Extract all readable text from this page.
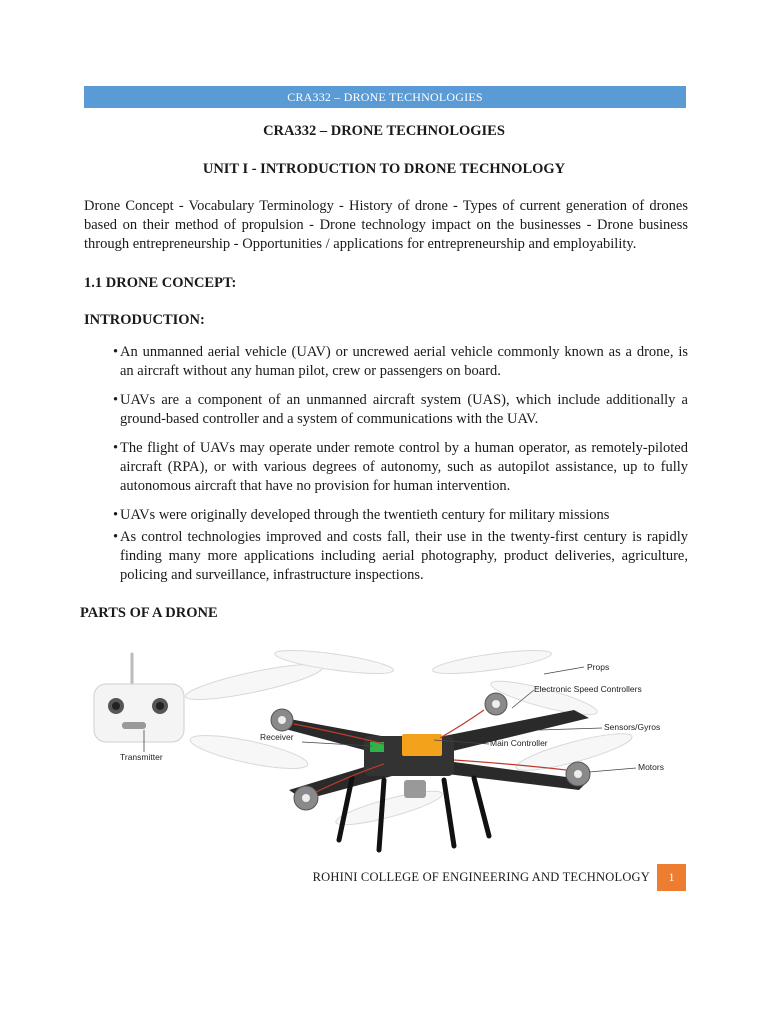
CRA332 – DRONE TECHNOLOGIES
CRA332 – DRONE TECHNOLOGIES
UNIT I - INTRODUCTION TO DRONE TECHNOLOGY
Drone Concept - Vocabulary Terminology - History of drone - Types of current generation of drones based on their method of propulsion - Drone technology impact on the businesses - Drone business through entrepreneurship - Opportunities / applications for entrepreneurship and employability.
1.1 DRONE CONCEPT:
INTRODUCTION:
An unmanned aerial vehicle (UAV) or uncrewed aerial vehicle commonly known as a drone, is an aircraft without any human pilot, crew or passengers on board.
UAVs are a component of an unmanned aircraft system (UAS), which include additionally a ground-based controller and a system of communications with the UAV.
The flight of UAVs may operate under remote control by a human operator, as remotely-piloted aircraft (RPA), or with various degrees of autonomy, such as autopilot assistance, up to fully autonomous aircraft that have no provision for human intervention.
UAVs were originally developed through the twentieth century for military missions
As control technologies improved and costs fall, their use in the twenty-first century is rapidly finding many more applications including aerial photography, product deliveries, agriculture, policing and surveillance, infrastructure inspections.
PARTS OF A DRONE
Transmitter
Props
Electronic Speed Controllers
Sensors/Gyros
Main Controller
Motors
Receiver
ROHINI COLLEGE OF ENGINEERING AND TECHNOLOGY	1
